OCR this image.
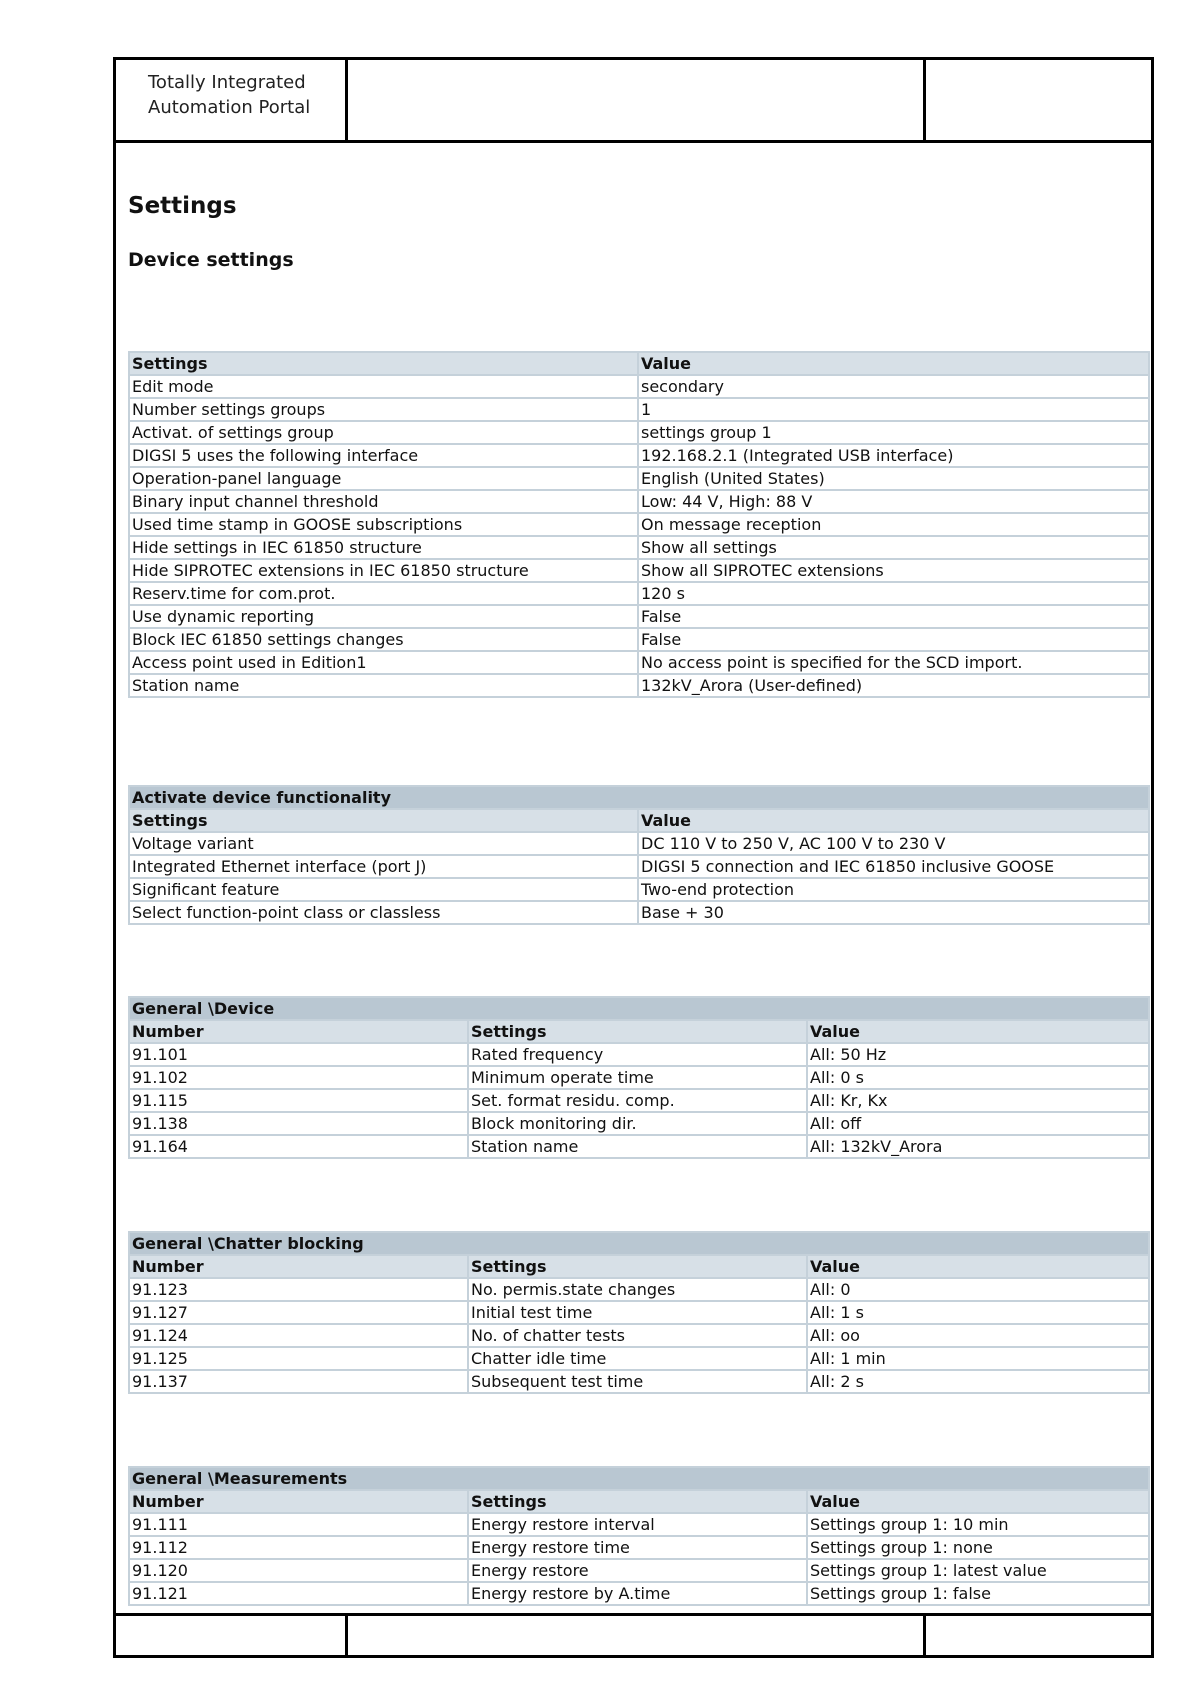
Totally Integrated
Automation Portal
Settings
Device settings
Settings	Value
Edit mode	secondary
Number settings groups	1
Activat. of settings group	settings group 1
DIGSI 5 uses the following interface	192.168.2.1 (Integrated USB interface)
Operation-panel language	English (United States)
Binary input channel threshold	Low: 44 V, High: 88 V
Used time stamp in GOOSE subscriptions	On message reception
Hide settings in IEC 61850 structure	Show all settings
Hide SIPROTEC extensions in IEC 61850 structure	Show all SIPROTEC extensions
Reserv.time for com.prot.	120 s
Use dynamic reporting	False
Block IEC 61850 settings changes	False
Access point used in Edition1	No access point is specified for the SCD import.
Station name	132kV_Arora (User-defined)
Activate device functionality	
Settings	Value
Voltage variant	DC 110 V to 250 V, AC 100 V to 230 V
Integrated Ethernet interface (port J)	DIGSI 5 connection and IEC 61850 inclusive GOOSE
Significant feature	Two-end protection
Select function-point class or classless	Base + 30
General \Device		
Number	Settings	Value
91.101	Rated frequency	All: 50 Hz
91.102	Minimum operate time	All: 0 s
91.115	Set. format residu. comp.	All: Kr, Kx
91.138	Block monitoring dir.	All: off
91.164	Station name	All: 132kV_Arora
General \Chatter blocking		
Number	Settings	Value
91.123	No. permis.state changes	All: 0
91.127	Initial test time	All: 1 s
91.124	No. of chatter tests	All: oo
91.125	Chatter idle time	All: 1 min
91.137	Subsequent test time	All: 2 s
General \Measurements		
Number	Settings	Value
91.111	Energy restore interval	Settings group 1: 10 min
91.112	Energy restore time	Settings group 1: none
91.120	Energy restore	Settings group 1: latest value
91.121	Energy restore by A.time	Settings group 1: false
